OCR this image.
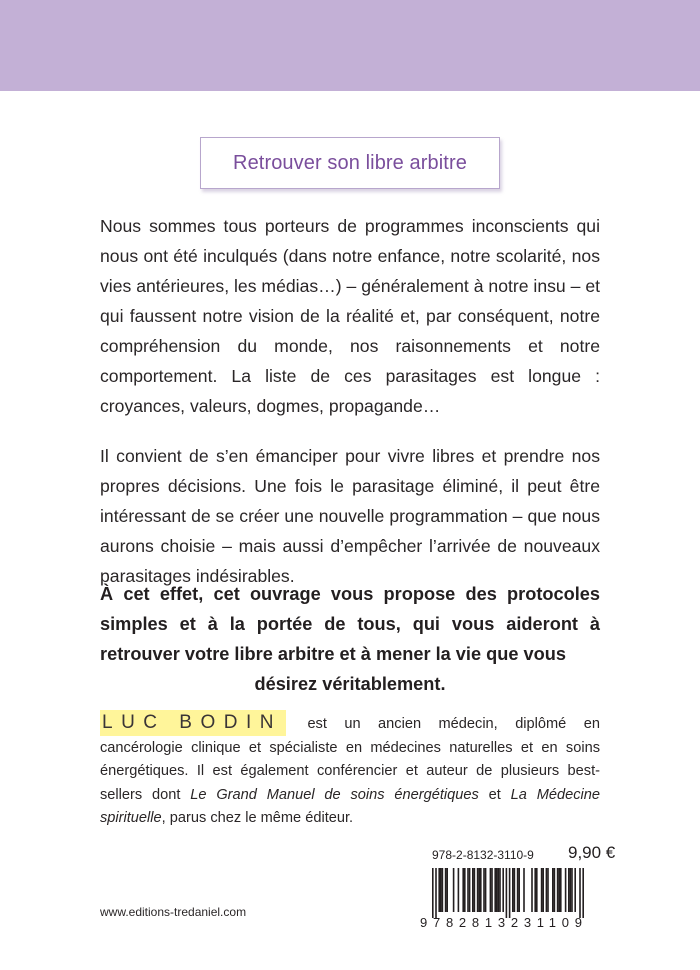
Retrouver son libre arbitre

Nous sommes tous porteurs de programmes inconscients qui nous ont été inculqués (dans notre enfance, notre scolarité, nos vies antérieures, les médias…) – généralement à notre insu – et qui faussent notre vision de la réalité et, par conséquent, notre compréhension du monde, nos raisonnements et notre comportement. La liste de ces parasitages est longue : croyances, valeurs, dogmes, propagande…

Il convient de s’en émanciper pour vivre libres et prendre nos propres décisions. Une fois le parasitage éliminé, il peut être intéressant de se créer une nouvelle programmation – que nous aurons choisie – mais aussi d’empêcher l’arrivée de nouveaux parasitages indésirables.

À cet effet, cet ouvrage vous propose des protocoles simples et à la portée de tous, qui vous aideront à retrouver votre libre arbitre et à mener la vie que vous
désirez véritablement.

LUC BODIN est un ancien médecin, diplômé en cancérologie clinique et spécialiste en médecines naturelles et en soins énergétiques. Il est également conférencier et auteur de plusieurs best-sellers dont Le Grand Manuel de soins énergétiques et La Médecine spirituelle, parus chez le même éditeur.

978-2-8132-3110-9 9,90 €
9782813231109
www.editions-tredaniel.com
